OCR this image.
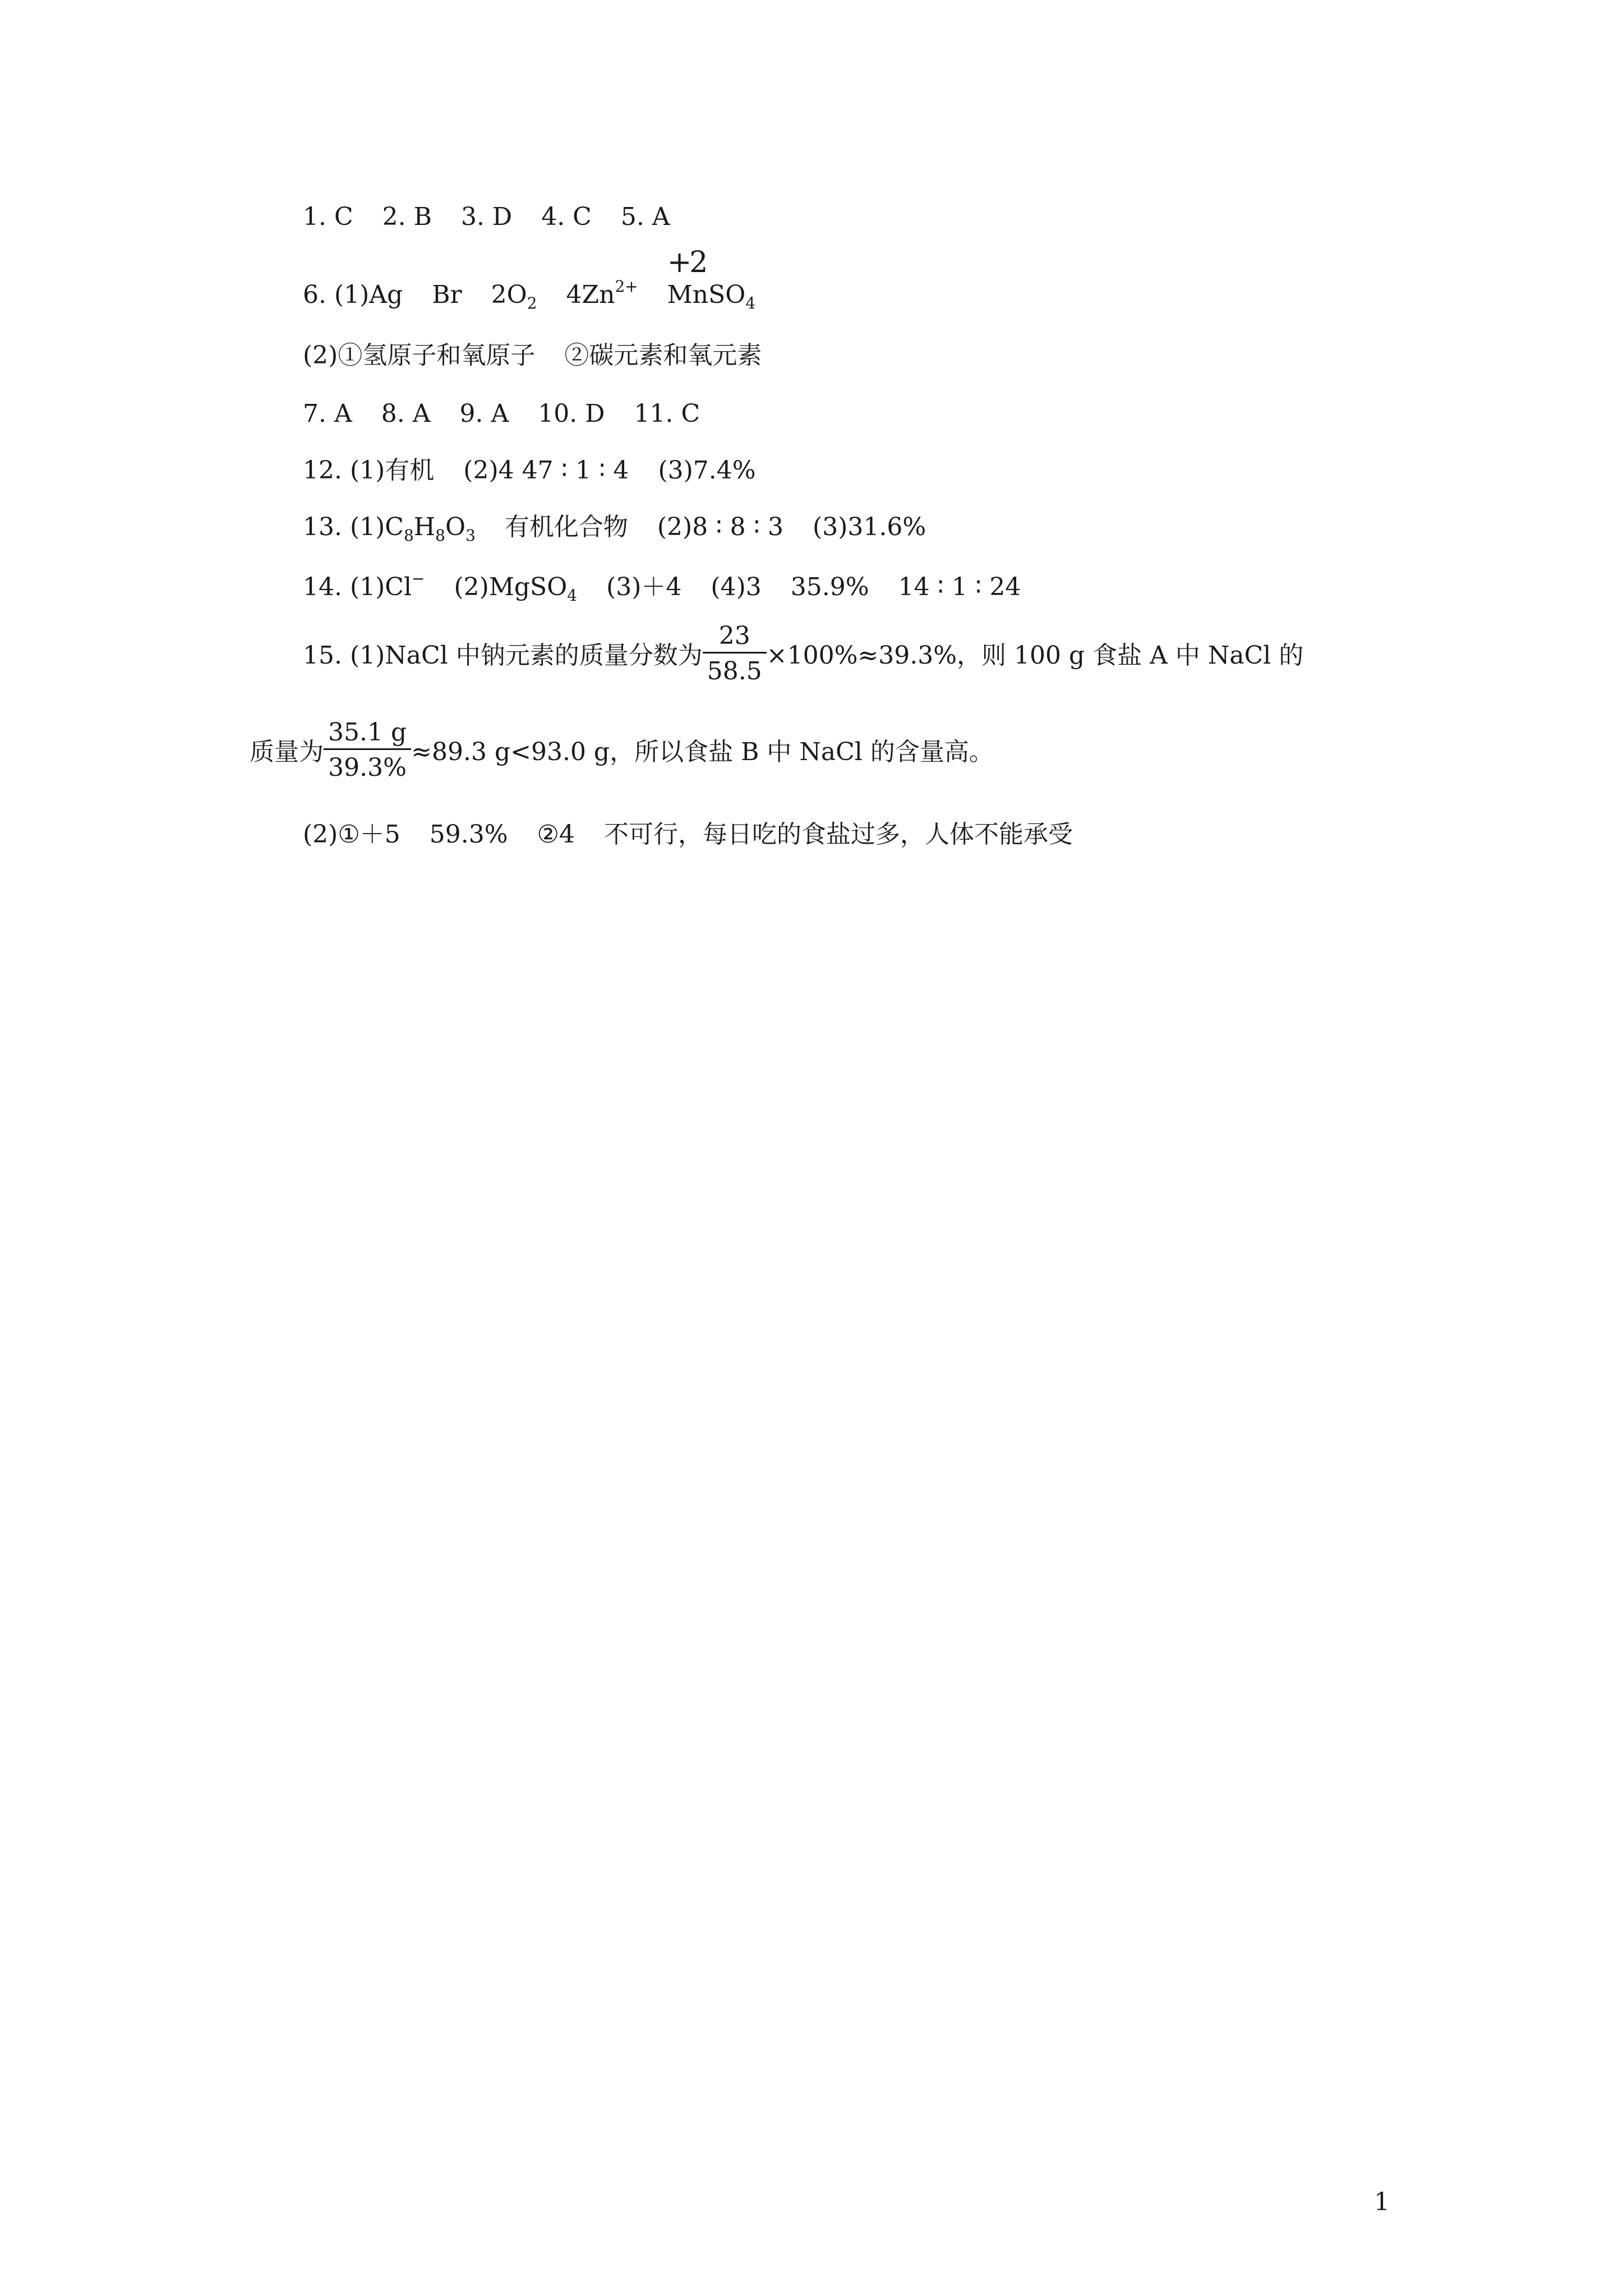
1. C 2. B 3. D 4. C 5. A
6. (1)Ag Br $2O_2$ $4Zn^{2+}$
+2
MnSO$_4$
(2)①氢原子和氧原子 ②碳元素和氧元素
7. A 8. A 9. A 10. D 11. C
12. (1)有机 (2)4 47 ∶ 1 ∶ 4 (3)7.4%
13. $(1)C_8H_8O_3$ 有机化合物 (2)8 ∶ 8 ∶ 3 (3)31.6%
14. (1)Cl− (2)MgSO$_4$ (3)＋4 (4)3 35.9% 14 ∶ 1 ∶ 24
15. (1)NaCl 中钠元素的质量分数为 $\frac{23}{58.5} \times 100\%\approx 39.3\%$，则 100 g 食盐 A 中 NaCl 的
质量为 $\frac{35.1 g}{39.3\%} \approx 89.3$ g<93.0 g，所以食盐 B 中 NaCl 的含量高。
(2)①＋5 59.3% ②4 不可行，每日吃的食盐过多，人体不能承受
1
